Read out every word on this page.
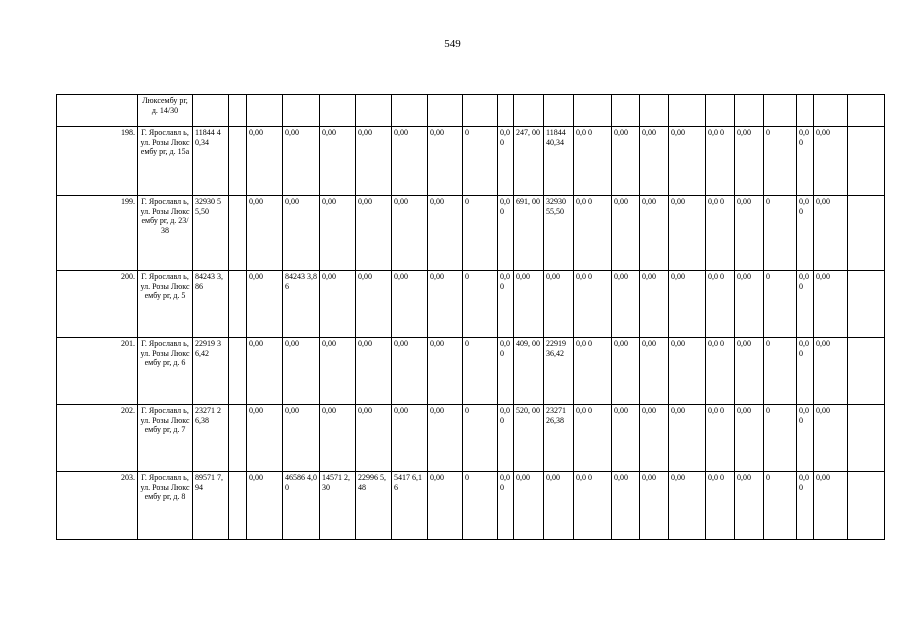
549
	Люксембу рг, д. 14/30																						
198.	Г. Ярославл ь, ул. Розы Люксембу рг, д. 15а	11844 40,34		0,00	0,00	0,00	0,00	0,00	0,00	0	0,00	247, 00	11844 40,34	0,0 0	0,00	0,00	0,00	0,0 0	0,00	0	0,00	0,00	
199.	Г. Ярославл ь, ул. Розы Люксембу рг, д. 23/38	32930 55,50		0,00	0,00	0,00	0,00	0,00	0,00	0	0,00	691, 00	32930 55,50	0,0 0	0,00	0,00	0,00	0,0 0	0,00	0	0,00	0,00	
200.	Г. Ярославл ь, ул. Розы Люксембу рг, д. 5	84243 3,86		0,00	84243 3,86	0,00	0,00	0,00	0,00	0	0,00	0,00	0,00	0,0 0	0,00	0,00	0,00	0,0 0	0,00	0	0,00	0,00	
201.	Г. Ярославл ь, ул. Розы Люксембу рг, д. 6	22919 36,42		0,00	0,00	0,00	0,00	0,00	0,00	0	0,00	409, 00	22919 36,42	0,0 0	0,00	0,00	0,00	0,0 0	0,00	0	0,00	0,00	
202.	Г. Ярославл ь, ул. Розы Люксембу рг, д. 7	23271 26,38		0,00	0,00	0,00	0,00	0,00	0,00	0	0,00	520, 00	23271 26,38	0,0 0	0,00	0,00	0,00	0,0 0	0,00	0	0,00	0,00	
203.	Г. Ярославл ь, ул. Розы Люксембу рг, д. 8	89571 7,94		0,00	46586 4,00	14571 2,30	22996 5,48	5417 6,16	0,00	0	0,00	0,00	0,00	0,0 0	0,00	0,00	0,00	0,0 0	0,00	0	0,00	0,00	
